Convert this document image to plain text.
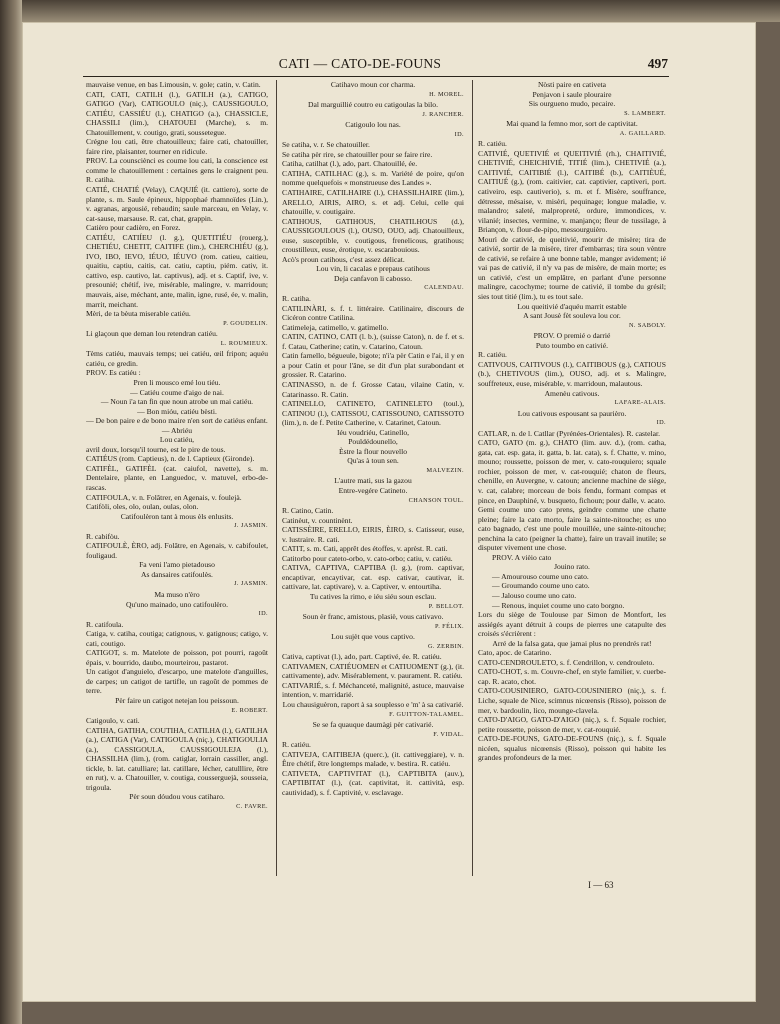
CATI — CATO-DE-FOUNS	497

mauvaise venue, en bas Limousin, v. gole; catin, v. Catin.

CATI, CATI, CATILH (l.), GATILH (a.), CATIGO, GATIGO (Var), CATIGOULO (niç.), CAUSSIGOULO, CATIÉU, CASSIÉU (l.), CHATIGO (a.), CHASSICLE, CHASSILI (lim.), CHATOUEI (Marche), s. m. Chatouillement, v. coutigo, grati, soussetegue.

Crégne lou cati, être chatouilleux; faire cati, chatouiller, faire rire, plaisanter, tourner en ridicule.

PROV. La counsciènci es coume lou cati, la conscience est comme le chatouillement : certaines gens le craignent peu. R. catiha.

CATIÉ, CHATIÉ (Velay), CAQUIÉ (it. cattiero), sorte de plante, s. m. Saule épineux, hippophaé rhamnoïdes (Lin.), v. agranas, argousié, rebaudin; saule marceau, en Velay, v. cat-sause, marsause. R. cat, chat, grappin.

Catièro pour cadièro, en Forez.

CATIÉU, CATIÍEU (l. g.), QUETITIÉU (rouerg.), CHETIÉU, CHETIT, CAITIFE (lim.), CHERCHIÉU (g.), IVO, IBO, IEVO, IÉUO, IÉUVO (rom. catieu, caitieu, quaitiu, captiu, caitis, cat. catiu, captiu, piém. cativ, it. cattivo, esp. cautivo, lat. captivus), adj. et s. Captif, ive, v. presounié; chétif, ive, misérable, malingre, v. marridoun; mauvais, aise, méchant, ante, malin, igne, rusé, ée, v. malin, marrit, meichant.

Mèri, de ta bèuta miserable catiéu.

P. GOUDELIN.

Li glaçoun que deman lou retendran catiéu.

L. ROUMIEUX.

Tèms catiéu, mauvais temps; uei catiéu, œil fripon; aquéu catiéu, ce gredin.

PROV. Es catiéu :

Pren li mousco emé lou tiéu.

— Catiéu coume d'aigo de nai.

— Noun i'a tan fin que noun atrobe un mai catiéu.

— Bon mióu, catiéu bèsti.

— De bon paire e de bono maire n'en sort de catiéus enfant.

— Abriéu

Lou catiéu,

avril doux, lorsqu'il tourne, est le pire de tous.

CATIÉUS (rom. Captieus), n. de l. Captieux (Gironde).

CATIFÈL, GATIFÈL (cat. caiufol, navette), s. m. Dentelaire, plante, en Languedoc, v. matuvel, erbo-de-rascas.

CATIFOULA, v. n. Folâtrer, en Agenais, v. foulejà.

Catifòli, oles, olo, oulan, oulas, olon.

Catifoulèron tant à mous èls enlusits.

J. JASMIN.

R. cabifòu.

CATIFOULÈ, ÈRO, adj. Folâtre, en Agenais, v. cabifoulet, fouligaud.

Fa veni l'amo pietadouso

As dansaires catifoulès.

J. JASMIN.

Ma muso n'èro

Qu'uno mainado, uno catifoulèro.

ID.

R. catifoula.

Catiga, v. catiha, coutiga; catignous, v. gatignous; catigo, v. cati, coutigo.

CATIGOT, s. m. Matelote de poisson, pot pourri, ragoût épais, v. bourrido, daubo, mourteirou, pastarot.

Un catigot d'anguielo, d'escarpo, une matelote d'anguilles, de carpes; un catigot de tartifle, un ragoût de pommes de terre.

Pèr faire un catigot netejan lou peissoun.

E. ROBERT.

Catigoulo, v. cati.

CATIHA, GATIHA, COUTIHA, CATILHA (l.), GATILHA (a.), CATIGA (Var), CATIGOULA (niç.), CHATIGOULIA (a.), CASSIGOULA, CAUSSIGOULEJA (l.), CHASSILHA (lim.), (rom. catiglar, lorrain cassiller, angl. tickle, b. lat. catulliare; lat. catillare, lécher, catulllire, être en rut), v. a. Chatouiller, v. coutiga, cousserguejà, sousseia, trigoula.

Pèr soun dóudou vous catiharo.

C. FAVRE.

Catihavo moun cor charma.

H. MOREL.

Dal marguillié coutro eu catigoulas la bilo.

J. RANCHER.

Catigoulo lou nas.

ID.

Se catiha, v. r. Se chatouiller.

Se catiha pèr rire, se chatouiller pour se faire rire.

Catiha, catilhat (l.), ado, part. Chatouillé, ée.

CATIHA, CATILHAC (g.), s. m. Variété de poire, qu'on nomme quelquefois « monstrueuse des Landes ».

CATIHAIRE, CATILHAIRE (l.), CHASSILHAIRE (lim.), ARELLO, AIRIS, AIRO, s. et adj. Celui, celle qui chatouille, v. coutigaire.

CATIHOUS, GATIHOUS, CHATILHOUS (d.), CAUSSIGOULOUS (l.), OUSO, OUO, adj. Chatouilleux, euse, susceptible, v. coutigous, frenelicous, gratihous; croustilleux, euse, érotique, v. escarabouious.

Acò's proun catihous, c'est assez délicat.

Lou vin, li cacalas e prepaus catihous

Deja canfavon li cabosso.

CALENDAU.

R. catiha.

CATILINÀRI, s. f. t. littéraire. Catilinaire, discours de Cicéron contre Catilina.

Catimeleja, catimello, v. gatimello.

CATIN, CATINO, CATI (l. b.), (suisse Caton), n. de f. et s. f. Catau, Catherine; catin, v. Catarino, Catoun.

Catin farnello, bégueule, bigote; n'i'a pèr Catin e l'ai, il y en a pour Catin et pour l'âne, se dit d'un plat surabondant et grossier. R. Catarino.

CATINASSO, n. de f. Grosse Catau, vilaine Catin, v. Catarinasso. R. Catin.

CATINELLO, CATINETO, CATINELETO (toul.), CATINOU (l.), CATISSOU, CATISSOUNO, CATISSOTO (lim.), n. de f. Petite Catherine, v. Catarinet, Catoun.

Iéu voudriéu, Catinello,

Pouldédounello,

Èstre la flour nouvello

Qu'as à toun sen.

MALVEZIN.

L'autre mati, sus la gazou

Entre-vegére Catineto.

CHANSON TOUL.

R. Catino, Catin.

Catinèut, v. countinènt.

CATISSÈIRE, ERELLO, EIRIS, ÈIRO, s. Catisseur, euse, v. lustraire. R. cati.

CATIT, s. m. Cati, apprêt des étoffes, v. aprèst. R. cati.

Catitorbo pour cateto-orbo, v. cato-orbo; catiu, v. catiéu.

CATIVA, CAPTIVA, CAPTIBA (l. g.), (rom. captivar, encaptivar, encaytivar, cat. esp. cativar, cautivar, it. cattivare, lat. captivare), v. a. Captiver, v. entourtiha.

Tu catives la rimo, e iéu siéu soun esclau.

P. BELLOT.

Soun èr franc, amistous, plasiè, vous cativavo.

P. FÉLIX.

Lou sujèt que vous captivo.

G. ZERBIN.

Cativa, captivat (l.), ado, part. Captivé, ée. R. catiéu.

CATIVAMEN, CATIÉUOMEN et CATIUOMENT (g.), (it. cattivamente), adv. Misérablement, v. paurament. R. catiéu.

CATIVARIÉ, s. f. Méchanceté, malignité, astuce, mauvaise intention, v. marridarié.

Lou chausiguèron, raport à sa souplesso e 'm' à sa cativarié.

F. GUITTON-TALAMEL.

Se se fa quauque daumàgi pèr cativarié.

F. VIDAL.

R. catiéu.

CATIVEJA, CAITIBEJA (querc.), (it. cattiveggiare), v. n. Être chétif, être longtemps malade, v. bestira. R. catiéu.

CATIVETA, CAPTIVITAT (l.), CAPTIBITA (auv.), CAPTIBITAT (l.), (cat. captivitat, it. cattività, esp. cautividad), s. f. Captivité, v. esclavage.

Nòsti paire en cativeta

Penjavon i saule plouraire

Sis ourgueno mudo, pecaire.

S. LAMBERT.

Mai quand la femno mor, sort de captivitat.

A. GAILLARD.

R. catiéu.

CATIVIÉ, QUETIVIÉ et QUEITIVIÉ (rh.), CHAITIVIÉ, CHETIVIÉ, CHEICHIVIÉ, TITIÉ (lim.), CHETIVIÉ (a.), CAITIVIÉ, CAITIBIÉ (l.), CAITIBÉ (b.), CAITIÈUÉ, CAITIUÉ (g.), (rom. caitivier, cat. captivier, captiveri, port. cativeiro, esp. cautiverio), s. m. et f. Misère, souffrance, détresse, mésaise, v. misèri, pequinage; longue maladie, v. malandro; saleté, malpropreté, ordure, immondices, v. vilanié; insectes, vermine, v. manjanço; fleur de tussilage, à Briançon, v. flour-de-pipo, messourguièro.

Mourì de cativié, de queitivié, mourir de misère; tira de cativié, sortir de la misère, tirer d'embarras; tira soun vèntre de cativié, se refaire à une bonne table, manger avidement; ié vai pas de cativié, il n'y va pas de misère, de main morte; es un cativié, c'est un emplâtre, en parlant d'une personne malingre, cacochyme; tourne de cativié, il tombe du grésil; sies tout titié (lim.), tu es tout sale.

Lou queitivié d'aquéu marrit estable

A sant Jousè fèt souleva lou cor.

N. SABOLY.

PROV. O premié o darrié

Puto toumbo en cativié.

R. catiéu.

CATIVOUS, CAITIVOUS (l.), CAITIBOUS (g.), CATIOUS (b.), CHETIVOUS (lim.), OUSO, adj. et s. Malingre, souffreteux, euse, misérable, v. marridoun, malautous.

Amenèu cativous.

LAFARE-ALAIS.

Lou cativous espousant sa paurièro.

ID.

CATLAR, n. de l. Catllar (Pyrénées-Orientales). R. castelar.

CATO, GATO (m. g.), CHATO (lim. auv. d.), (rom. catha, gata, cat. esp. gata, it. gatta, b. lat. cata), s. f. Chatte, v. mino, mouno; roussette, poisson de mer, v. cato-rouquiero; squale rochier, poisson de mer, v. cat-rouquié; chaton de fleurs, chenille, en Auvergne, v. catoun; ancienne machine de siège, v. cat, calabre; morceau de bois fendu, formant compas et pince, en Dauphiné, v. busqueto, fichoun; pour dalle, v. acato.

Gemi coume uno cato prens, geindre comme une chatte pleine; faire la cato morto, faire la sainte-nitouche; es uno cato bagnado, c'est une poule mouillée, une sainte-nitouche; penchina la cato (peigner la chatte), faire un travail inutile; se disputer vivement une chose.

PROV. A vièio cato

Jouino rato.

— Amourouso coume uno cato.

— Groumando coume uno cato.

— Jalouso coume uno cato.

— Renous, inquiet coume uno cato borgno.

Lors du siège de Toulouse par Simon de Montfort, les assiégés ayant détruit à coups de pierres une catapulte des croisés s'écrièrent :

Arré de la falsa gata, que jamai plus no prendrés rat!

Cato, apoc. de Catarino.

CATO-CENDROULETO, s. f. Cendrillon, v. cendrouleto.

CATO-CHOT, s. m. Couvre-chef, en style familier, v. cuerbe-cap. R. acato, chot.

CATO-COUSINIERO, GATO-COUSINIERO (niç.), s. f. Liche, squale de Nice, scimnus nicœensis (Risso), poisson de mer, v. bardoulin, lico, mounge-clavela.

CATO-D'AIGO, GATO-D'AIGO (niç.), s. f. Squale rochier, petite roussette, poisson de mer, v. cat-rouquié.

CATO-DE-FOUNS, GATO-DE-FOUNS (niç.), s. f. Squale nicéen, squalus nicœensis (Risso), poisson qui habite les grandes profondeurs de la mer.

I — 63
